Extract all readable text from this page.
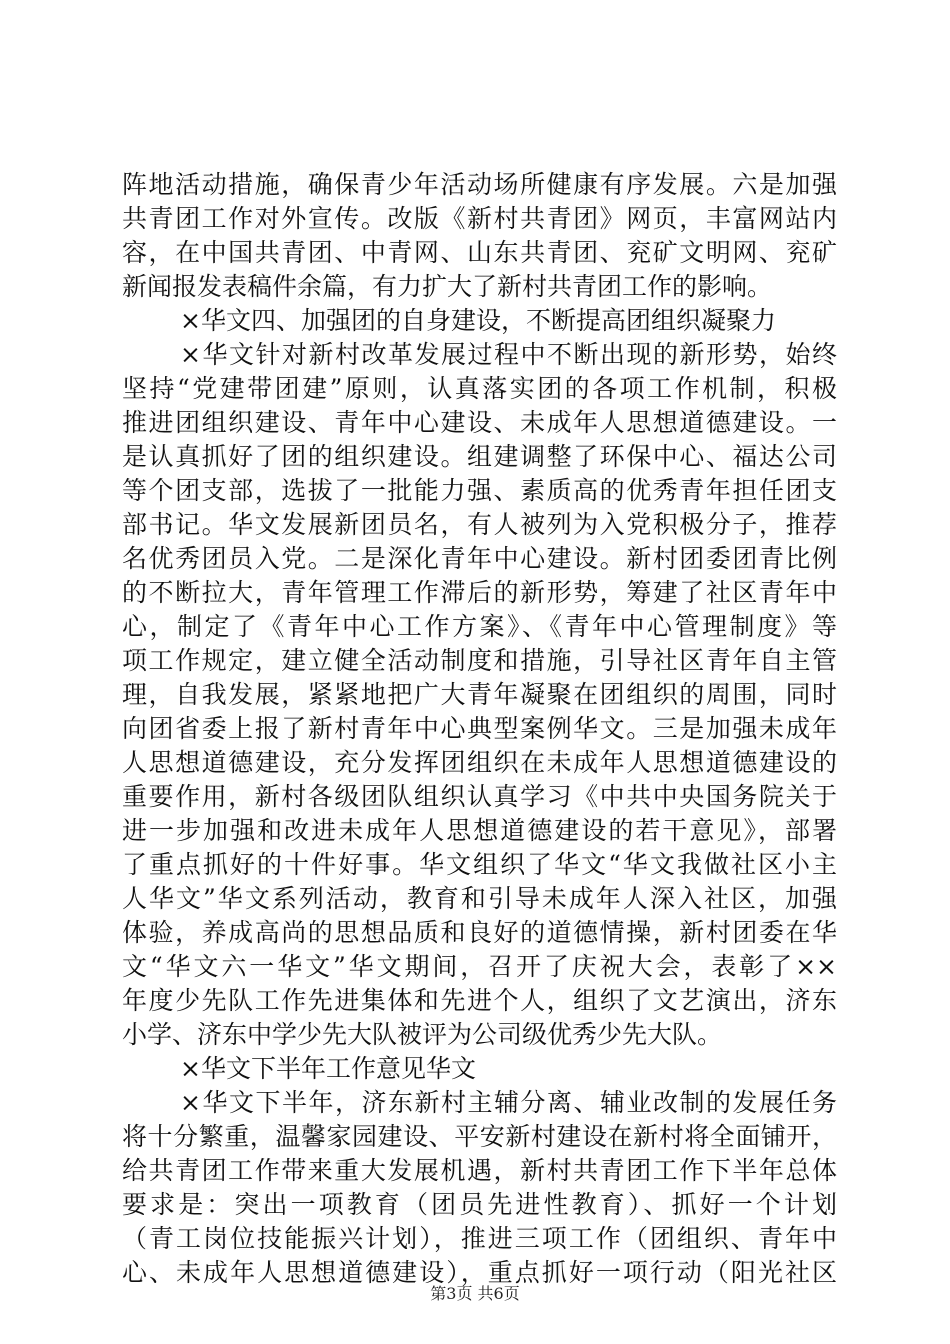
阵地活动措施，确保青少年活动场所健康有序发展。六是加强
共青团工作对外宣传。改版《新村共青团》网页，丰富网站内
容，在中国共青团、中青网、山东共青团、兖矿文明网、兖矿
新闻报发表稿件余篇，有力扩大了新村共青团工作的影响。
×华文四、加强团的自身建设，不断提高团组织凝聚力
×华文针对新村改革发展过程中不断出现的新形势，始终
坚持“党建带团建”原则，认真落实团的各项工作机制，积极
推进团组织建设、青年中心建设、未成年人思想道德建设。一
是认真抓好了团的组织建设。组建调整了环保中心、福达公司
等个团支部，选拔了一批能力强、素质高的优秀青年担任团支
部书记。华文发展新团员名，有人被列为入党积极分子，推荐
名优秀团员入党。二是深化青年中心建设。新村团委团青比例
的不断拉大，青年管理工作滞后的新形势，筹建了社区青年中
心，制定了《青年中心工作方案》、《青年中心管理制度》等
项工作规定，建立健全活动制度和措施，引导社区青年自主管
理，自我发展，紧紧地把广大青年凝聚在团组织的周围，同时
向团省委上报了新村青年中心典型案例华文。三是加强未成年
人思想道德建设，充分发挥团组织在未成年人思想道德建设的
重要作用，新村各级团队组织认真学习《中共中央国务院关于
进一步加强和改进未成年人思想道德建设的若干意见》，部署
了重点抓好的十件好事。华文组织了华文“华文我做社区小主
人华文”华文系列活动，教育和引导未成年人深入社区，加强
体验，养成高尚的思想品质和良好的道德情操，新村团委在华
文“华文六一华文”华文期间，召开了庆祝大会，表彰了××
年度少先队工作先进集体和先进个人，组织了文艺演出，济东
小学、济东中学少先大队被评为公司级优秀少先大队。
×华文下半年工作意见华文
×华文下半年，济东新村主辅分离、辅业改制的发展任务
将十分繁重，温馨家园建设、平安新村建设在新村将全面铺开，
给共青团工作带来重大发展机遇，新村共青团工作下半年总体
要求是：突出一项教育（团员先进性教育）、抓好一个计划
（青工岗位技能振兴计划），推进三项工作（团组织、青年中
心、未成年人思想道德建设），重点抓好一项行动（阳光社区
第3页 共6页
